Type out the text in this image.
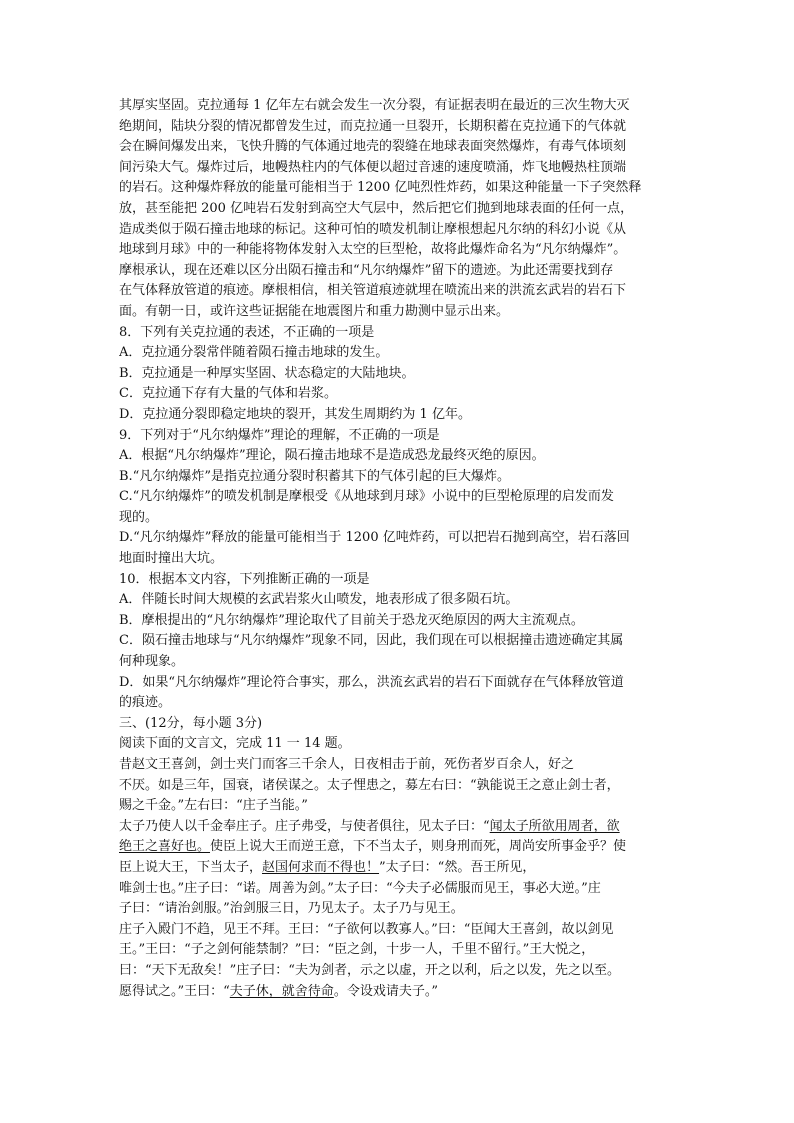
其厚实坚固。克拉通每 1 亿年左右就会发生一次分裂，有证据表明在最近的三次生物大灭
绝期间，陆块分裂的情况都曾发生过，而克拉通一旦裂开，长期积蓄在克拉通下的气体就
会在瞬间爆发出来，飞快升腾的气体通过地壳的裂缝在地球表面突然爆炸，有毒气体顷刻
间污染大气。爆炸过后，地幔热柱内的气体便以超过音速的速度喷涌，炸飞地幔热柱顶端
的岩石。这种爆炸释放的能量可能相当于 1200 亿吨烈性炸药，如果这种能量一下子突然释
放，甚至能把 200 亿吨岩石发射到高空大气层中，然后把它们抛到地球表面的任何一点，
造成类似于陨石撞击地球的标记。这种可怕的喷发机制让摩根想起凡尔纳的科幻小说《从
地球到月球》中的一种能将物体发射入太空的巨型枪，故将此爆炸命名为“凡尔纳爆炸”。
摩根承认，现在还难以区分出陨石撞击和“凡尔纳爆炸”留下的遗迹。为此还需要找到存
在气体释放管道的痕迹。摩根相信，相关管道痕迹就埋在喷流出来的洪流玄武岩的岩石下
面。有朝一日，或许这些证据能在地震图片和重力勘测中显示出来。
8．下列有关克拉通的表述，不正确的一项是
A．克拉通分裂常伴随着陨石撞击地球的发生。
B．克拉通是一种厚实坚固、状态稳定的大陆地块。
C．克拉通下存有大量的气体和岩浆。
D．克拉通分裂即稳定地块的裂开，其发生周期约为 1 亿年。
9．下列对于“凡尔纳爆炸”理论的理解，不正确的一项是
A．根据“凡尔纳爆炸”理论，陨石撞击地球不是造成恐龙最终灭绝的原因。
B.“凡尔纳爆炸”是指克拉通分裂时积蓄其下的气体引起的巨大爆炸。
C.“凡尔纳爆炸”的喷发机制是摩根受《从地球到月球》小说中的巨型枪原理的启发而发
现的。
D.“凡尔纳爆炸”释放的能量可能相当于 1200 亿吨炸药，可以把岩石抛到高空，岩石落回
地面时撞出大坑。
10．根据本文内容，下列推断正确的一项是
A．伴随长时间大规模的玄武岩浆火山喷发，地表形成了很多陨石坑。
B．摩根提出的“凡尔纳爆炸”理论取代了目前关于恐龙灭绝原因的两大主流观点。
C．陨石撞击地球与“凡尔纳爆炸”现象不同，因此，我们现在可以根据撞击遗迹确定其属
何种现象。
D．如果“凡尔纳爆炸”理论符合事实，那么，洪流玄武岩的岩石下面就存在气体释放管道
的痕迹。
三、(12分，每小题 3分)
阅读下面的文言文，完成 11 一 14 题。
昔赵文王喜剑，剑士夹门而客三千余人，日夜相击于前，死伤者岁百余人，好之
不厌。如是三年，国衰，诸侯谋之。太子悝患之，募左右曰：“孰能说王之意止剑士者，
赐之千金。”左右曰：“庄子当能。”
太子乃使人以千金奉庄子。庄子弗受，与使者俱往，见太子曰：“闻太子所欲用周者，欲
绝王之喜好也。使臣上说大王而逆王意，下不当太子，则身刑而死，周尚安所事金乎？使
臣上说大王，下当太子，赵国何求而不得也！”太子曰：“然。吾王所见，
唯剑士也。”庄子曰：“诺。周善为剑。”太子曰：“今夫子必儒服而见王，事必大逆。”庄
子曰：“请治剑服。”治剑服三日，乃见太子。太子乃与见王。
庄子入殿门不趋，见王不拜。王曰：“子欲何以教寡人。”曰：“臣闻大王喜剑，故以剑见
王。”王曰：“子之剑何能禁制？”曰：“臣之剑，十步一人，千里不留行。”王大悦之，
曰：“天下无敌矣！”庄子曰：“夫为剑者，示之以虚，开之以利，后之以发，先之以至。
愿得试之。”王曰：“夫子休，就舍待命。令设戏请夫子。”
